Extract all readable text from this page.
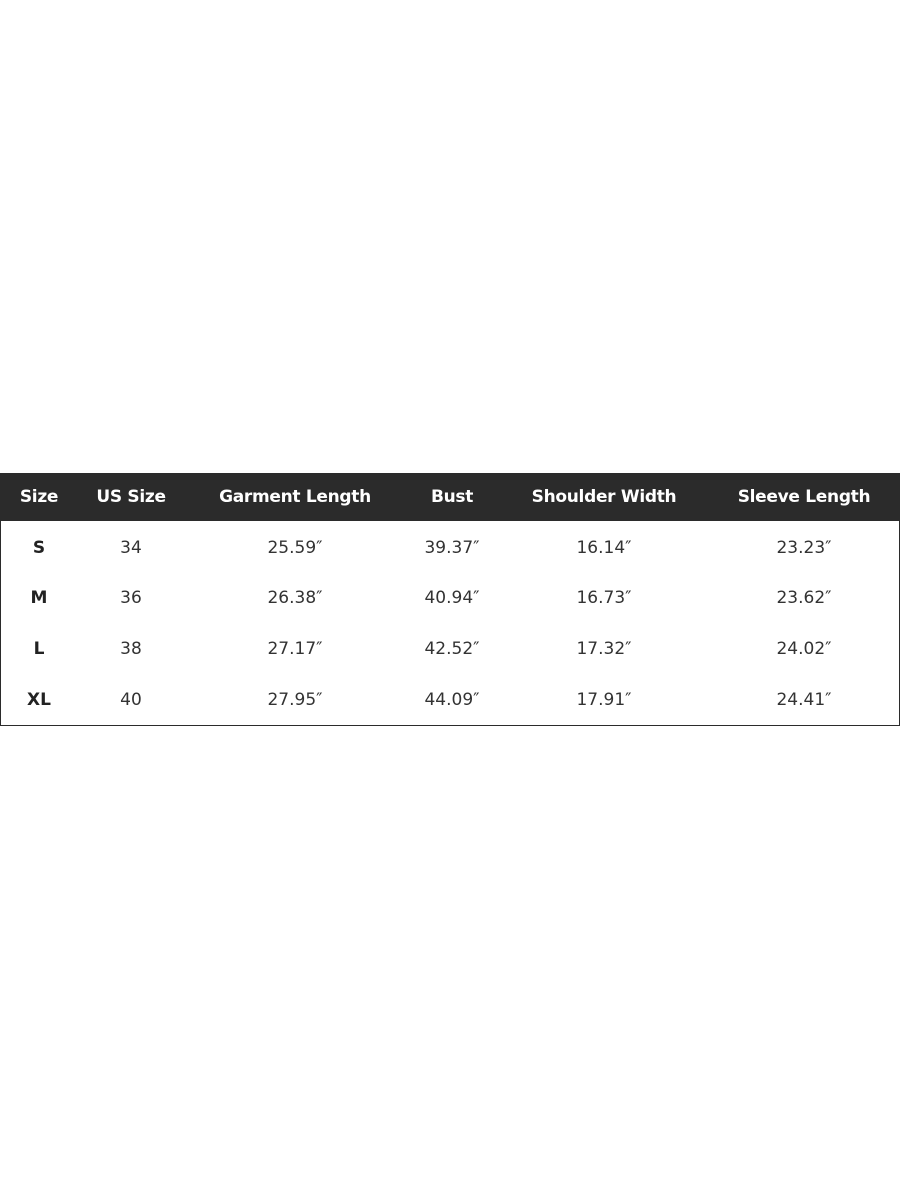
Size	US Size	Garment Length	Bust	Shoulder Width	Sleeve Length
S	34	25.59″	39.37″	16.14″	23.23″
M	36	26.38″	40.94″	16.73″	23.62″
L	38	27.17″	42.52″	17.32″	24.02″
XL	40	27.95″	44.09″	17.91″	24.41″
